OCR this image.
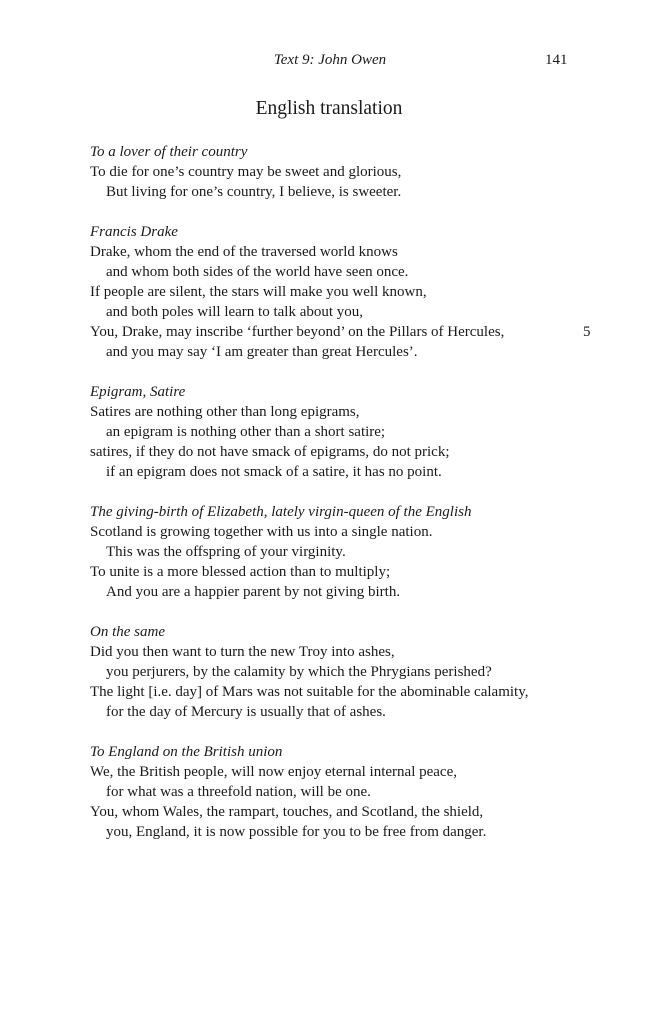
Text 9: John Owen	141
English translation
To a lover of their country
To die for one’s country may be sweet and glorious,
But living for one’s country, I believe, is sweeter.
Francis Drake
Drake, whom the end of the traversed world knows
and whom both sides of the world have seen once.
If people are silent, the stars will make you well known,
and both poles will learn to talk about you,
You, Drake, may inscribe ‘further beyond’ on the Pillars of Hercules,	5
and you may say ‘I am greater than great Hercules’.
Epigram, Satire
Satires are nothing other than long epigrams,
an epigram is nothing other than a short satire;
satires, if they do not have smack of epigrams, do not prick;
if an epigram does not smack of a satire, it has no point.
The giving-birth of Elizabeth, lately virgin-queen of the English
Scotland is growing together with us into a single nation.
This was the offspring of your virginity.
To unite is a more blessed action than to multiply;
And you are a happier parent by not giving birth.
On the same
Did you then want to turn the new Troy into ashes,
you perjurers, by the calamity by which the Phrygians perished?
The light [i.e. day] of Mars was not suitable for the abominable calamity,
for the day of Mercury is usually that of ashes.
To England on the British union
We, the British people, will now enjoy eternal internal peace,
for what was a threefold nation, will be one.
You, whom Wales, the rampart, touches, and Scotland, the shield,
you, England, it is now possible for you to be free from danger.
